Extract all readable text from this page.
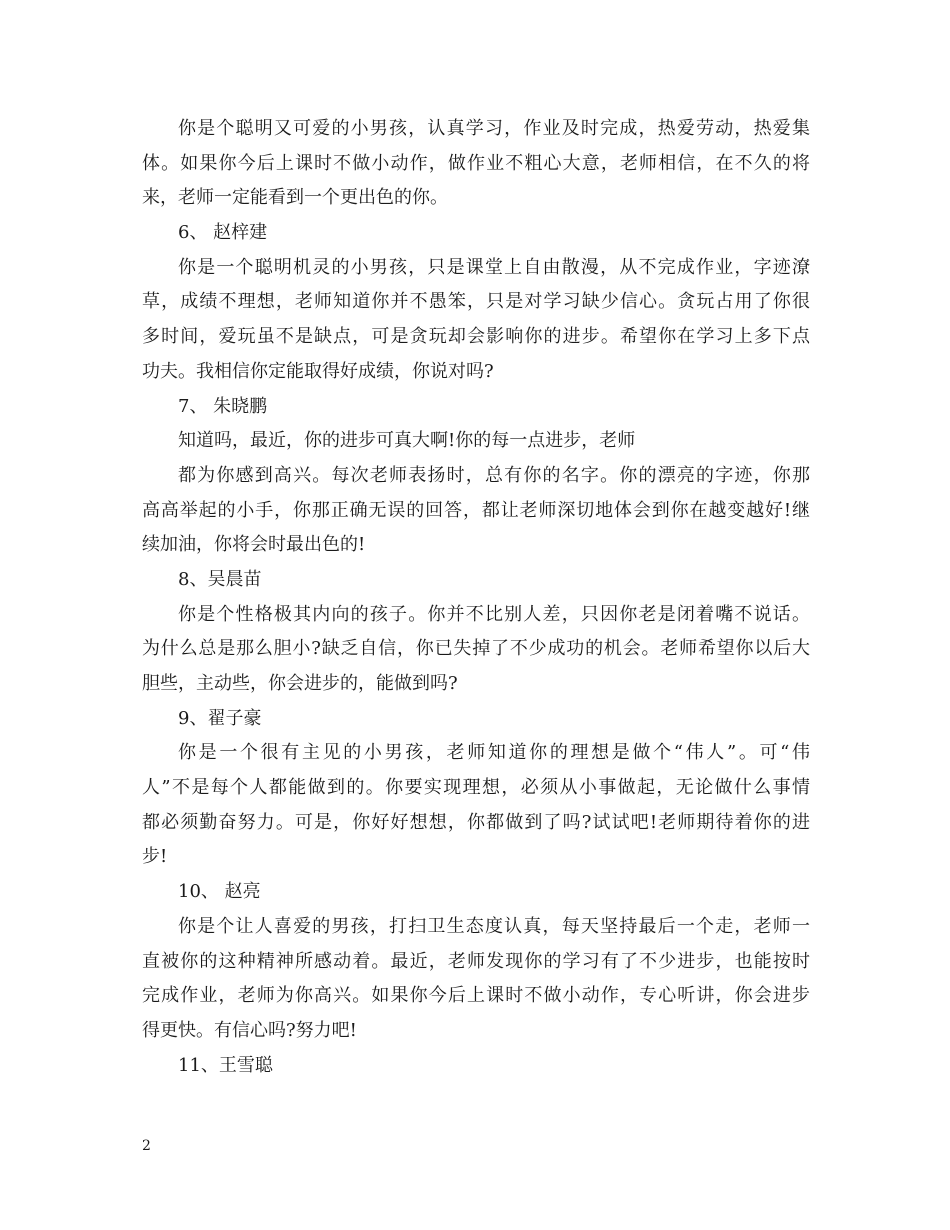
你是个聪明又可爱的小男孩，认真学习，作业及时完成，热爱劳动，热爱集
体。如果你今后上课时不做小动作，做作业不粗心大意，老师相信，在不久的将
来，老师一定能看到一个更出色的你。
6、 赵梓建
你是一个聪明机灵的小男孩，只是课堂上自由散漫，从不完成作业，字迹潦
草，成绩不理想，老师知道你并不愚笨，只是对学习缺少信心。贪玩占用了你很
多时间，爱玩虽不是缺点，可是贪玩却会影响你的进步。希望你在学习上多下点
功夫。我相信你定能取得好成绩，你说对吗?
7、 朱晓鹏
知道吗，最近，你的进步可真大啊!你的每一点进步，老师
都为你感到高兴。每次老师表扬时，总有你的名字。你的漂亮的字迹，你那
高高举起的小手，你那正确无误的回答，都让老师深切地体会到你在越变越好!继
续加油，你将会时最出色的!
8、吴晨苗
你是个性格极其内向的孩子。你并不比别人差，只因你老是闭着嘴不说话。
为什么总是那么胆小?缺乏自信，你已失掉了不少成功的机会。老师希望你以后大
胆些，主动些，你会进步的，能做到吗?
9、翟子豪
你是一个很有主见的小男孩，老师知道你的理想是做个“伟人”。可“伟
人”不是每个人都能做到的。你要实现理想，必须从小事做起，无论做什么事情
都必须勤奋努力。可是，你好好想想，你都做到了吗?试试吧!老师期待着你的进
步!
10、 赵亮
你是个让人喜爱的男孩，打扫卫生态度认真，每天坚持最后一个走，老师一
直被你的这种精神所感动着。最近，老师发现你的学习有了不少进步，也能按时
完成作业，老师为你高兴。如果你今后上课时不做小动作，专心听讲，你会进步
得更快。有信心吗?努力吧!
11、王雪聪
2
